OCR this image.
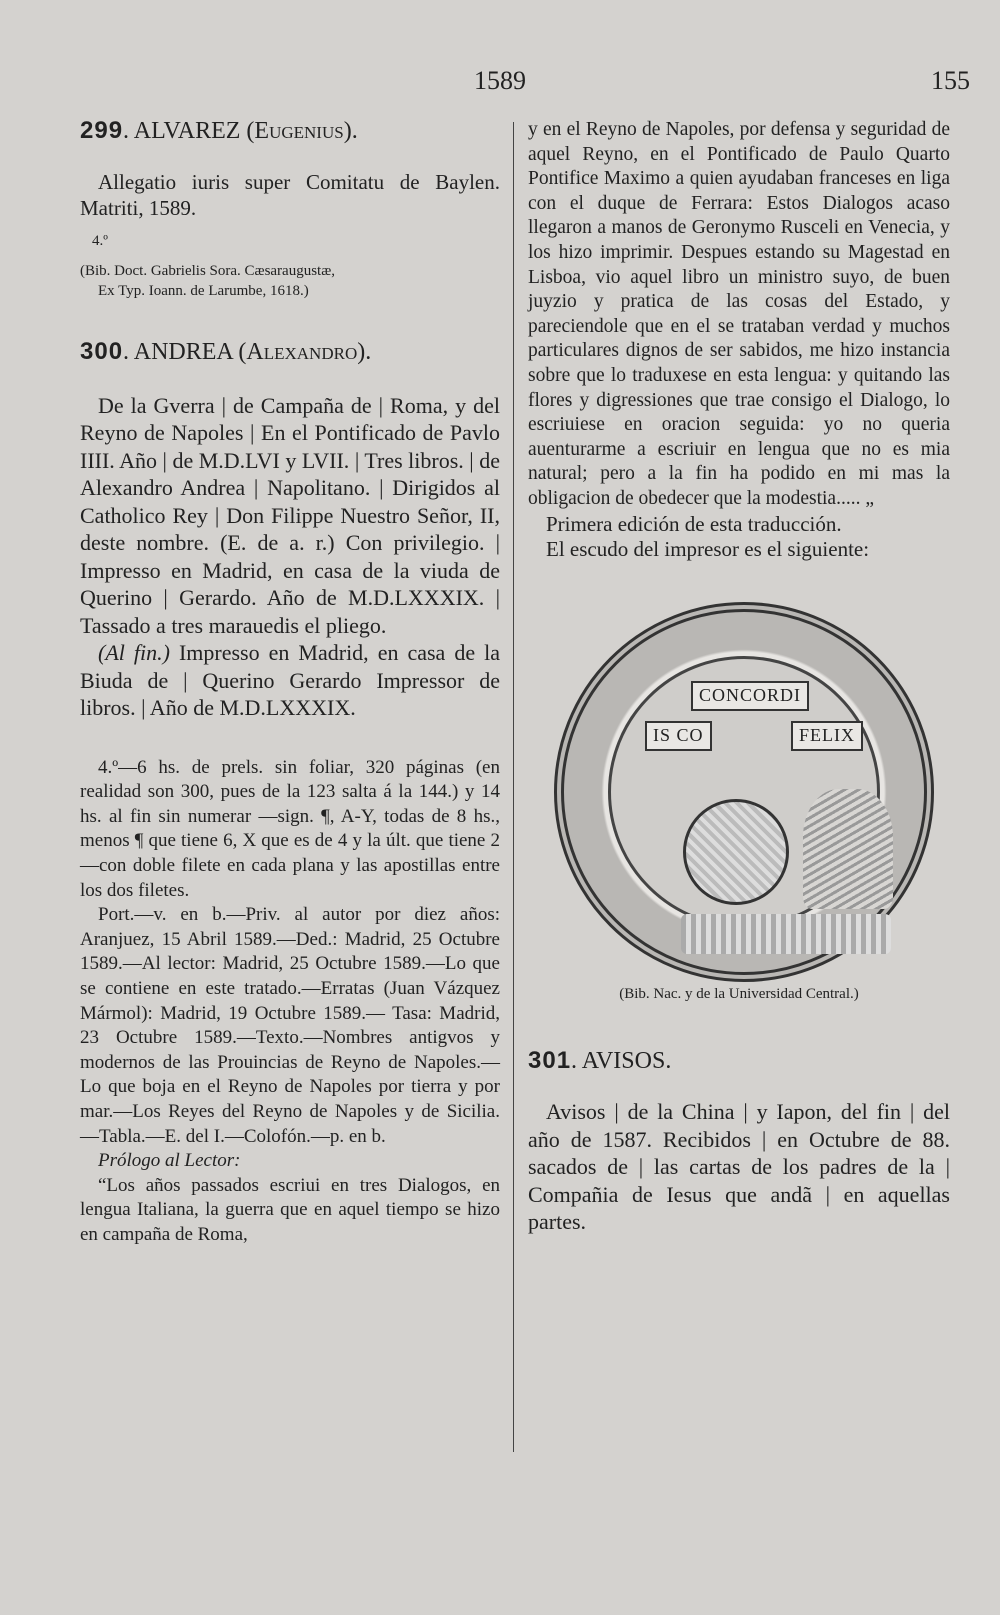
1589	155

299. ALVAREZ (Eugenius).

Allegatio iuris super Comitatu de Baylen. Matriti, 1589.

4.º

(Bib. Doct. Gabrielis Sora. Cæsaraugustæ,

Ex Typ. Ioann. de Larumbe, 1618.)

300. ANDREA (Alexandro).

De la Gverra | de Campaña de | Roma, y del Reyno de Napoles | En el Pontificado de Pavlo IIII. Año | de M.D.LVI y LVII. | Tres libros. | de Alexandro Andrea | Napolitano. | Dirigidos al Catholico Rey | Don Filippe Nuestro Señor, II, deste nombre. (E. de a. r.) Con privilegio. | Impresso en Madrid, en casa de la viuda de Querino | Gerardo. Año de M.D.LXXXIX. | Tassado a tres marauedis el pliego.

(Al fin.) Impresso en Madrid, en casa de la Biuda de | Querino Gerardo Impressor de libros. | Año de M.D.LXXXIX.

4.º—6 hs. de prels. sin foliar, 320 páginas (en realidad son 300, pues de la 123 salta á la 144.) y 14 hs. al fin sin numerar —sign. ¶, A-Y, todas de 8 hs., menos ¶ que tiene 6, X que es de 4 y la últ. que tiene 2—con doble filete en cada plana y las apostillas entre los dos filetes.

Port.—v. en b.—Priv. al autor por diez años: Aranjuez, 15 Abril 1589.—Ded.: Madrid, 25 Octubre 1589.—Al lector: Madrid, 25 Octubre 1589.—Lo que se contiene en este tratado.—Erratas (Juan Vázquez Mármol): Madrid, 19 Octubre 1589.— Tasa: Madrid, 23 Octubre 1589.—Texto.—Nombres antigvos y modernos de las Prouincias de Reyno de Napoles.—Lo que boja en el Reyno de Napoles por tierra y por mar.—Los Reyes del Reyno de Napoles y de Sicilia. —Tabla.—E. del I.—Colofón.—p. en b.

Prólogo al Lector:

“Los años passados escriui en tres Dialogos, en lengua Italiana, la guerra que en aquel tiempo se hizo en campaña de Roma,

y en el Reyno de Napoles, por defensa y seguridad de aquel Reyno, en el Pontificado de Paulo Quarto Pontifice Maximo a quien ayudaban franceses en liga con el duque de Ferrara: Estos Dialogos acaso llegaron a manos de Geronymo Rusceli en Venecia, y los hizo imprimir. Despues estando su Magestad en Lisboa, vio aquel libro un ministro suyo, de buen juyzio y pratica de las cosas del Estado, y pareciendole que en el se trataban verdad y muchos particulares dignos de ser sabidos, me hizo instancia sobre que lo traduxese en esta lengua: y quitando las flores y digressiones que trae consigo el Dialogo, lo escriuiese en oracion seguida: yo no queria auenturarme a escriuir en lengua que no es mia natural; pero a la fin ha podido en mi mas la obligacion de obedecer que la modestia..... „

Primera edición de esta traducción.

El escudo del impresor es el siguiente:

CONCORDI
IS CO	FELIX

(Bib. Nac. y de la Universidad Central.)

301. AVISOS.

Avisos | de la China | y Iapon, del fin | del año de 1587. Recibidos | en Octubre de 88. sacados de | las cartas de los padres de la | Compañia de Iesus que andã | en aquellas partes.
